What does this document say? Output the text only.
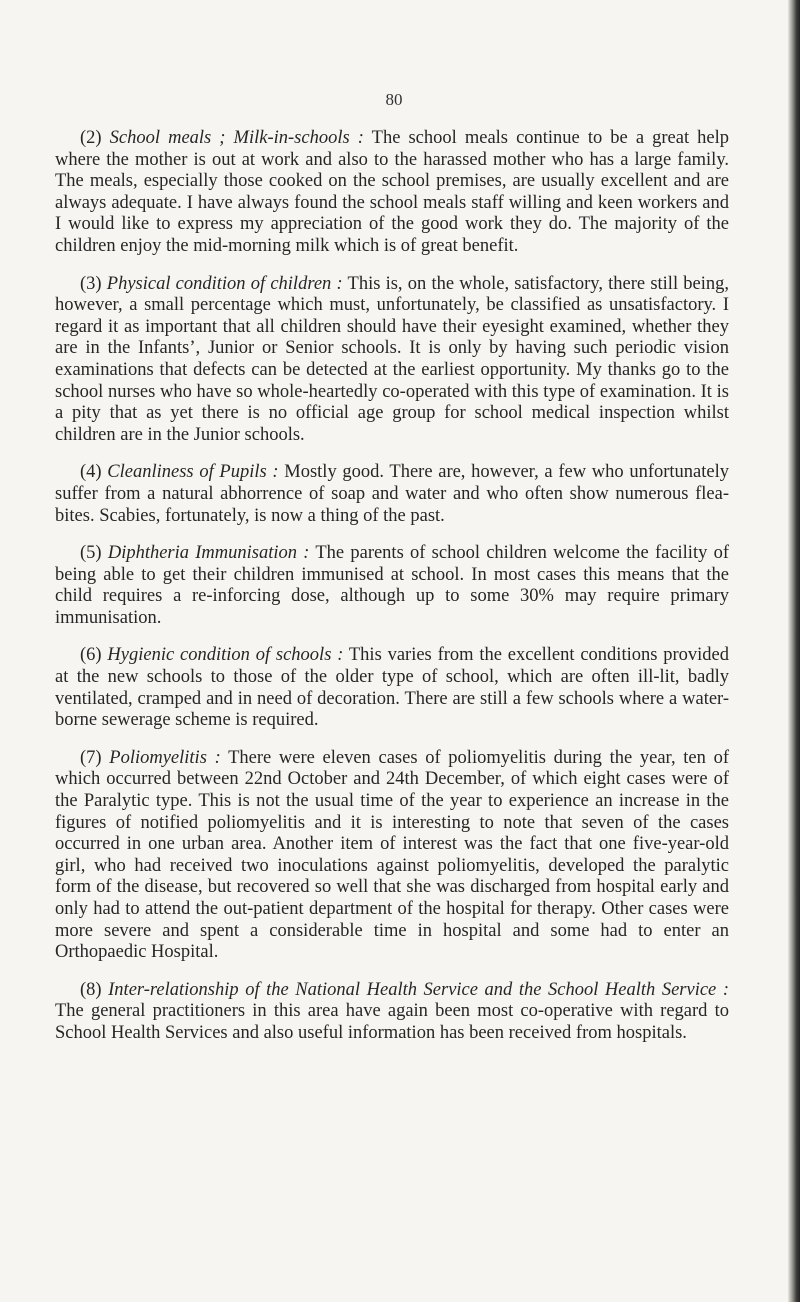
80

(2) School meals ; Milk-in-schools : The school meals continue to be a great help where the mother is out at work and also to the harassed mother who has a large family. The meals, especially those cooked on the school premises, are usually excellent and are always adequate. I have always found the school meals staff willing and keen workers and I would like to express my appreciation of the good work they do. The majority of the children enjoy the mid-morning milk which is of great benefit.

(3) Physical condition of children : This is, on the whole, satisfactory, there still being, however, a small percentage which must, unfortunately, be classified as unsatisfactory. I regard it as important that all children should have their eyesight examined, whether they are in the Infants’, Junior or Senior schools. It is only by having such periodic vision examinations that defects can be detected at the earliest opportunity. My thanks go to the school nurses who have so whole-heartedly co-operated with this type of examination. It is a pity that as yet there is no official age group for school medical inspection whilst children are in the Junior schools.

(4) Cleanliness of Pupils : Mostly good. There are, however, a few who unfortunately suffer from a natural abhorrence of soap and water and who often show numerous flea-bites. Scabies, fortunately, is now a thing of the past.

(5) Diphtheria Immunisation : The parents of school children welcome the facility of being able to get their children immunised at school. In most cases this means that the child requires a re-inforcing dose, although up to some 30% may require primary immunisation.

(6) Hygienic condition of schools : This varies from the excellent conditions provided at the new schools to those of the older type of school, which are often ill-lit, badly ventilated, cramped and in need of decoration. There are still a few schools where a water-borne sewerage scheme is required.

(7) Poliomyelitis : There were eleven cases of poliomyelitis during the year, ten of which occurred between 22nd October and 24th December, of which eight cases were of the Paralytic type. This is not the usual time of the year to experience an increase in the figures of notified poliomyelitis and it is interesting to note that seven of the cases occurred in one urban area. Another item of interest was the fact that one five-year-old girl, who had received two inoculations against poliomyelitis, developed the paralytic form of the disease, but recovered so well that she was discharged from hospital early and only had to attend the out-patient department of the hospital for therapy. Other cases were more severe and spent a considerable time in hospital and some had to enter an Orthopaedic Hospital.

(8) Inter-relationship of the National Health Service and the School Health Service : The general practitioners in this area have again been most co-operative with regard to School Health Services and also useful information has been received from hospitals.
